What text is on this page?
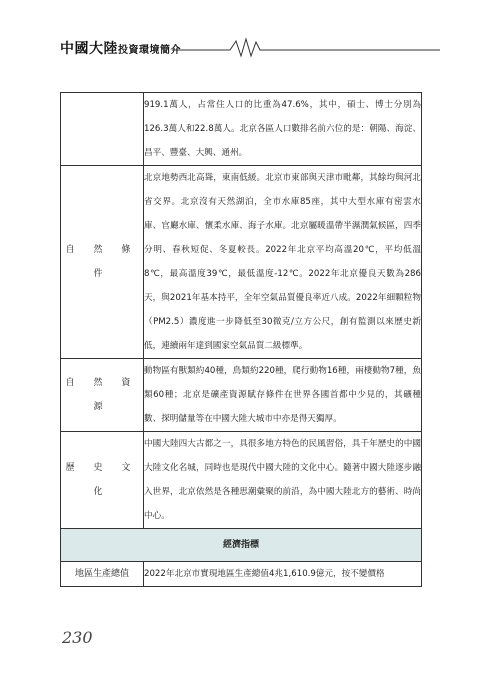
中國大陸投資環境簡介

	919.1萬人，占常住人口的比重為47.6%，其中，碩士、博士分別為126.3萬人和22.8萬人。北京各區人口數排名前六位的是：朝陽、海淀、昌平、豐臺、大興、通州。

自 然 條 件	北京地勢西北高聳，東南低緩。北京市東部與天津市毗鄰，其餘均與河北省交界。北京沒有天然湖泊，全市水庫85座，其中大型水庫有密雲水庫、官廳水庫、懷柔水庫、海子水庫。北京屬暖溫帶半濕潤氣候區，四季分明、春秋短促、冬夏較長。2022年北京平均高溫20℃，平均低溫8℃，最高溫度39℃，最低溫度-12℃。2022年北京優良天數為286天，與2021年基本持平，全年空氣品質優良率近八成。2022年細顆粒物（PM2.5）濃度進一步降低至30微克/立方公尺，創有監測以來歷史新低，連續兩年達到國家空氣品質二級標準。

自 然 資 源	動物區有獸類約40種，鳥類約220種，爬行動物16種，兩棲動物7種，魚類60種；北京是礦產資源賦存條件在世界各國首都中少見的，其礦種數、探明儲量等在中國大陸大城市中亦是得天獨厚。

歷 史 文 化	中國大陸四大古都之一，具很多地方特色的民風習俗，具千年歷史的中國大陸文化名城，同時也是現代中國大陸的文化中心。隨著中國大陸逐步融入世界，北京依然是各種思潮彙聚的前沿，為中國大陸北方的藝術、時尚中心。

經濟指標	
地區生產總值	2022年北京市實現地區生產總值4兆1,610.9億元，按不變價格

230
